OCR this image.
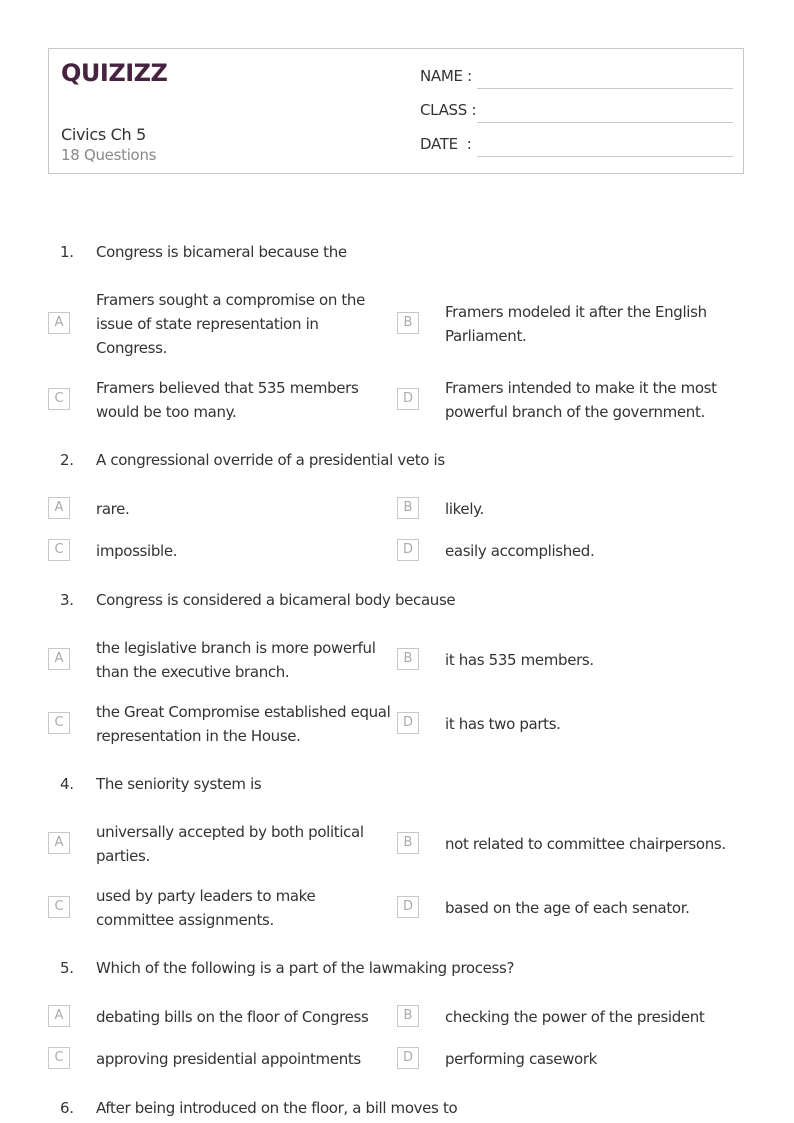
QUIZIZZ
Civics Ch 5
18 Questions
NAME :
CLASS :
DATE  :
1.	Congress is bicameral because the
A
Framers sought a compromise on the issue of state representation in Congress.
B
Framers modeled it after the English Parliament.
C
Framers believed that 535 members would be too many.
D
Framers intended to make it the most powerful branch of the government.
2.	A congressional override of a presidential veto is
A	rare.	B	likely.
C	impossible.	D	easily accomplished.
3.	Congress is considered a bicameral body because
A
the legislative branch is more powerful than the executive branch.
B	it has 535 members.
C
the Great Compromise established equal representation in the House.
D	it has two parts.
4.	The seniority system is
A
universally accepted by both political parties.
B	not related to committee chairpersons.
C
used by party leaders to make committee assignments.
D	based on the age of each senator.
5.	Which of the following is a part of the lawmaking process?
A	debating bills on the floor of Congress	B	checking the power of the president
C	approving presidential appointments	D	performing casework
6.	After being introduced on the floor, a bill moves to
